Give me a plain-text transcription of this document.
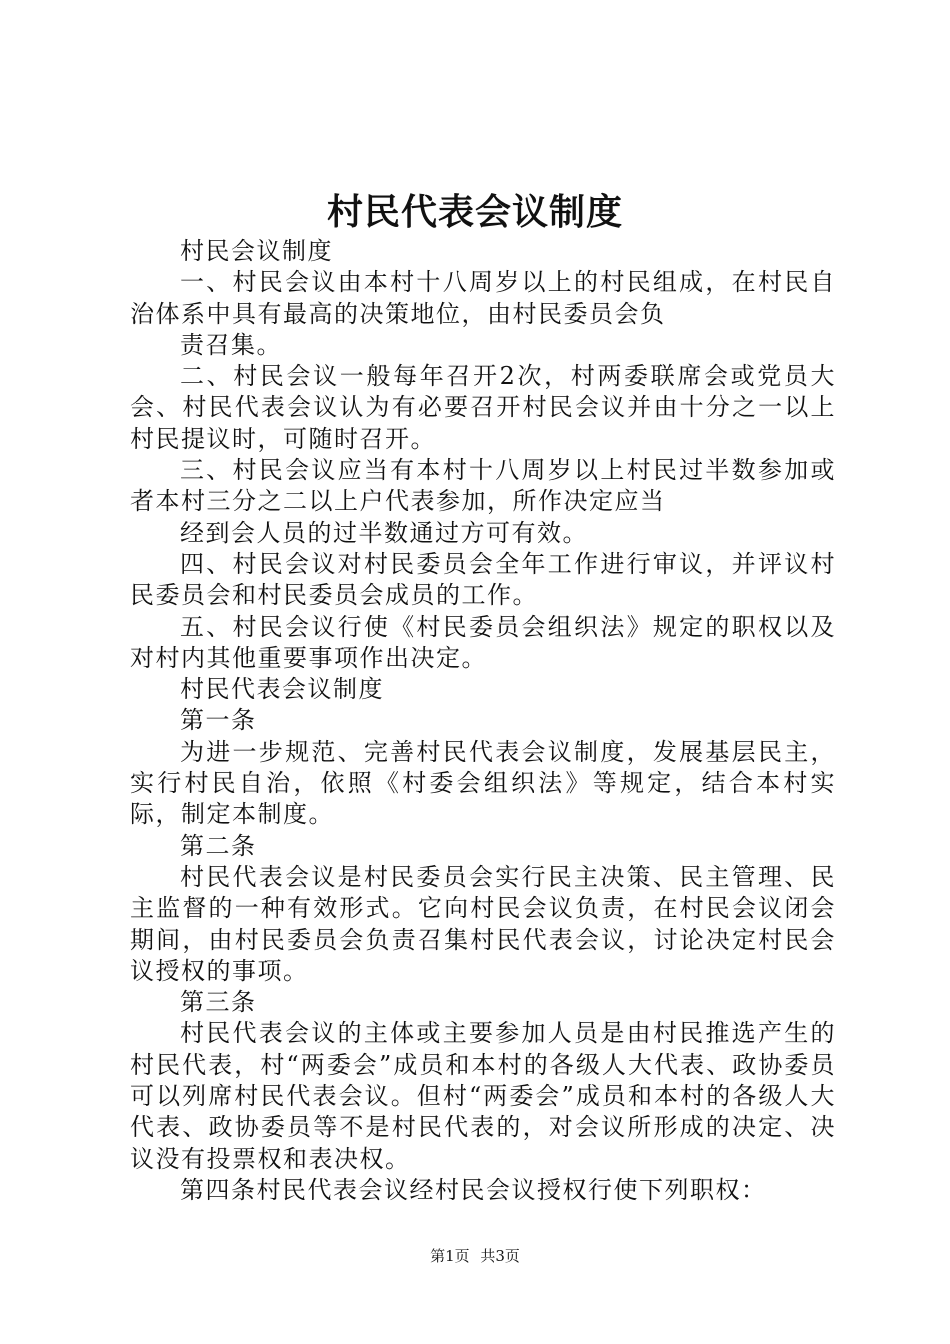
村民代表会议制度

村民会议制度

一、村民会议由本村十八周岁以上的村民组成，在村民自治体系中具有最高的决策地位，由村民委员会负

责召集。

二、村民会议一般每年召开2次，村两委联席会或党员大会、村民代表会议认为有必要召开村民会议并由十分之一以上村民提议时，可随时召开。

三、村民会议应当有本村十八周岁以上村民过半数参加或者本村三分之二以上户代表参加，所作决定应当

经到会人员的过半数通过方可有效。

四、村民会议对村民委员会全年工作进行审议，并评议村民委员会和村民委员会成员的工作。

五、村民会议行使《村民委员会组织法》规定的职权以及对村内其他重要事项作出决定。

村民代表会议制度

第一条

为进一步规范、完善村民代表会议制度，发展基层民主，实行村民自治，依照《村委会组织法》等规定，结合本村实际，制定本制度。

第二条

村民代表会议是村民委员会实行民主决策、民主管理、民主监督的一种有效形式。它向村民会议负责，在村民会议闭会期间，由村民委员会负责召集村民代表会议，讨论决定村民会议授权的事项。

第三条

村民代表会议的主体或主要参加人员是由村民推选产生的村民代表，村“两委会”成员和本村的各级人大代表、政协委员可以列席村民代表会议。但村“两委会”成员和本村的各级人大代表、政协委员等不是村民代表的，对会议所形成的决定、决议没有投票权和表决权。

第四条村民代表会议经村民会议授权行使下列职权：

第1页 共3页
